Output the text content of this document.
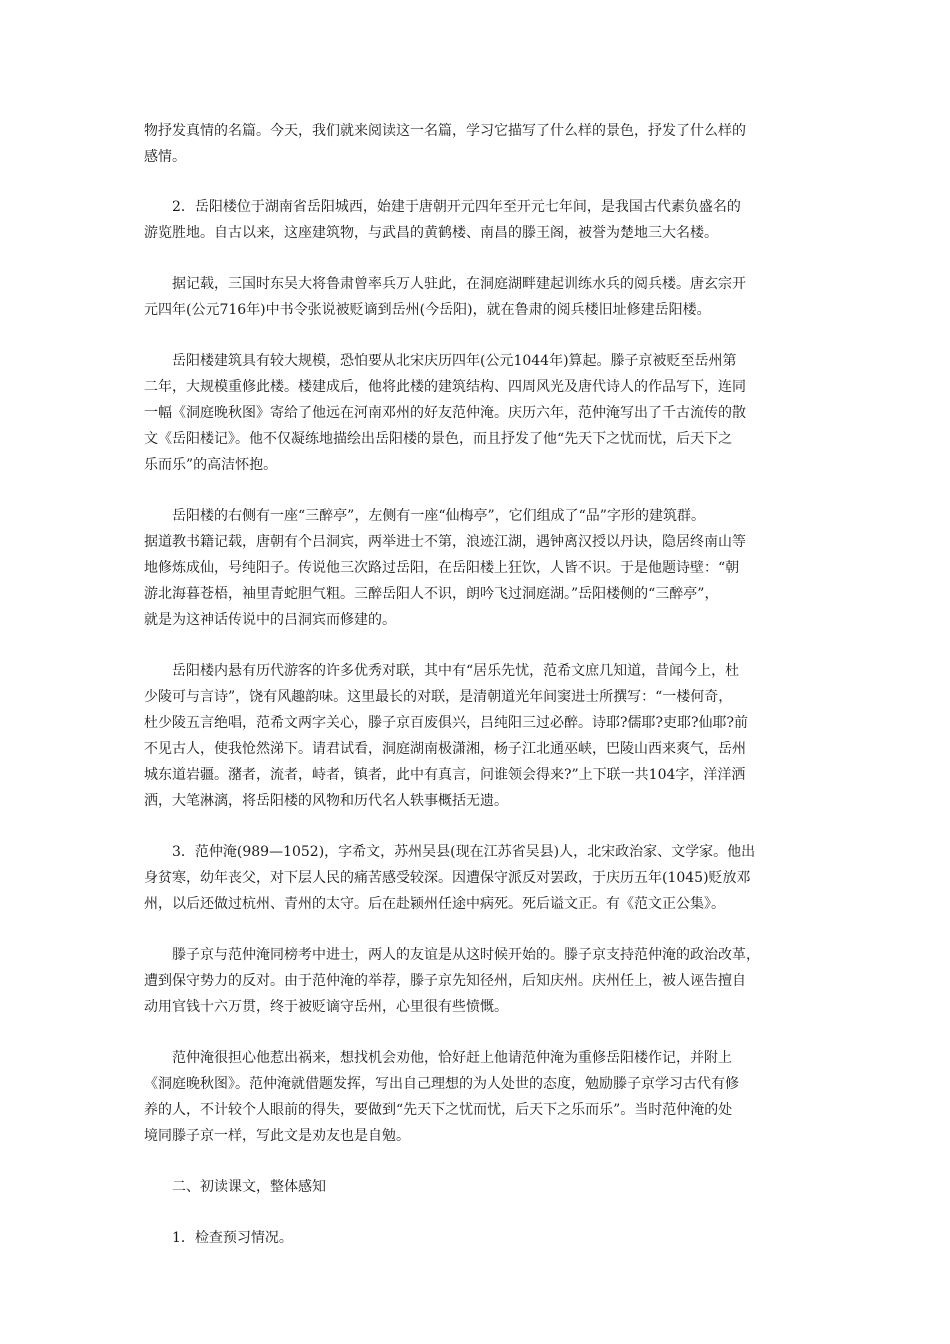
物抒发真情的名篇。今天，我们就来阅读这一名篇，学习它描写了什么样的景色，抒发了什么样的
感情。

　　2．岳阳楼位于湖南省岳阳城西，始建于唐朝开元四年至开元七年间，是我国古代素负盛名的
游览胜地。自古以来，这座建筑物，与武昌的黄鹤楼、南昌的滕王阁，被誉为楚地三大名楼。

　　据记载，三国时东吴大将鲁肃曾率兵万人驻此，在洞庭湖畔建起训练水兵的阅兵楼。唐玄宗开
元四年(公元716年)中书令张说被贬谪到岳州(今岳阳)，就在鲁肃的阅兵楼旧址修建岳阳楼。

　　岳阳楼建筑具有较大规模，恐怕要从北宋庆历四年(公元1044年)算起。滕子京被贬至岳州第
二年，大规模重修此楼。楼建成后，他将此楼的建筑结构、四周风光及唐代诗人的作品写下，连同
一幅《洞庭晚秋图》寄给了他远在河南邓州的好友范仲淹。庆历六年，范仲淹写出了千古流传的散
文《岳阳楼记》。他不仅凝练地描绘出岳阳楼的景色，而且抒发了他“先天下之忧而忧，后天下之
乐而乐”的高洁怀抱。

　　岳阳楼的右侧有一座“三醉亭”，左侧有一座“仙梅亭”，它们组成了“品”字形的建筑群。
据道教书籍记载，唐朝有个吕洞宾，两举进士不第，浪迹江湖，遇钟离汉授以丹诀，隐居终南山等
地修炼成仙，号纯阳子。传说他三次路过岳阳，在岳阳楼上狂饮，人皆不识。于是他题诗壁：“朝
游北海暮苍梧，袖里青蛇胆气粗。三醉岳阳人不识，朗吟飞过洞庭湖。”岳阳楼侧的“三醉亭”，
就是为这神话传说中的吕洞宾而修建的。

　　岳阳楼内悬有历代游客的许多优秀对联，其中有“居乐先忧，范希文庶几知道，昔闻今上，杜
少陵可与言诗”，饶有风趣韵味。这里最长的对联，是清朝道光年间窦进士所撰写：“一楼何奇，
杜少陵五言绝唱，范希文两字关心，滕子京百废俱兴，吕纯阳三过必醉。诗耶?儒耶?吏耶?仙耶?前
不见古人，使我怆然涕下。请君试看，洞庭湖南极潇湘，杨子江北通巫峡，巴陵山西来爽气，岳州
城东道岩疆。潴者，流者，峙者，镇者，此中有真言，问谁领会得来?”上下联一共104字，洋洋洒
洒，大笔淋漓，将岳阳楼的风物和历代名人轶事概括无遗。

　　3．范仲淹(989—1052)，字希文，苏州吴县(现在江苏省吴县)人，北宋政治家、文学家。他出
身贫寒，幼年丧父，对下层人民的痛苦感受较深。因遭保守派反对罢政，于庆历五年(1045)贬放邓
州，以后还做过杭州、青州的太守。后在赴颍州任途中病死。死后谥文正。有《范文正公集》。

　　滕子京与范仲淹同榜考中进士，两人的友谊是从这时候开始的。滕子京支持范仲淹的政治改革，
遭到保守势力的反对。由于范仲淹的举荐，滕子京先知径州，后知庆州。庆州任上，被人诬告擅自
动用官钱十六万贯，终于被贬谪守岳州，心里很有些愤慨。

　　范仲淹很担心他惹出祸来，想找机会劝他，恰好赶上他请范仲淹为重修岳阳楼作记，并附上
《洞庭晚秋图》。范仲淹就借题发挥，写出自己理想的为人处世的态度，勉励滕子京学习古代有修
养的人，不计较个人眼前的得失，要做到“先天下之忧而忧，后天下之乐而乐”。当时范仲淹的处
境同滕子京一样，写此文是劝友也是自勉。

　　二、初读课文，整体感知

　　1．检查预习情况。
